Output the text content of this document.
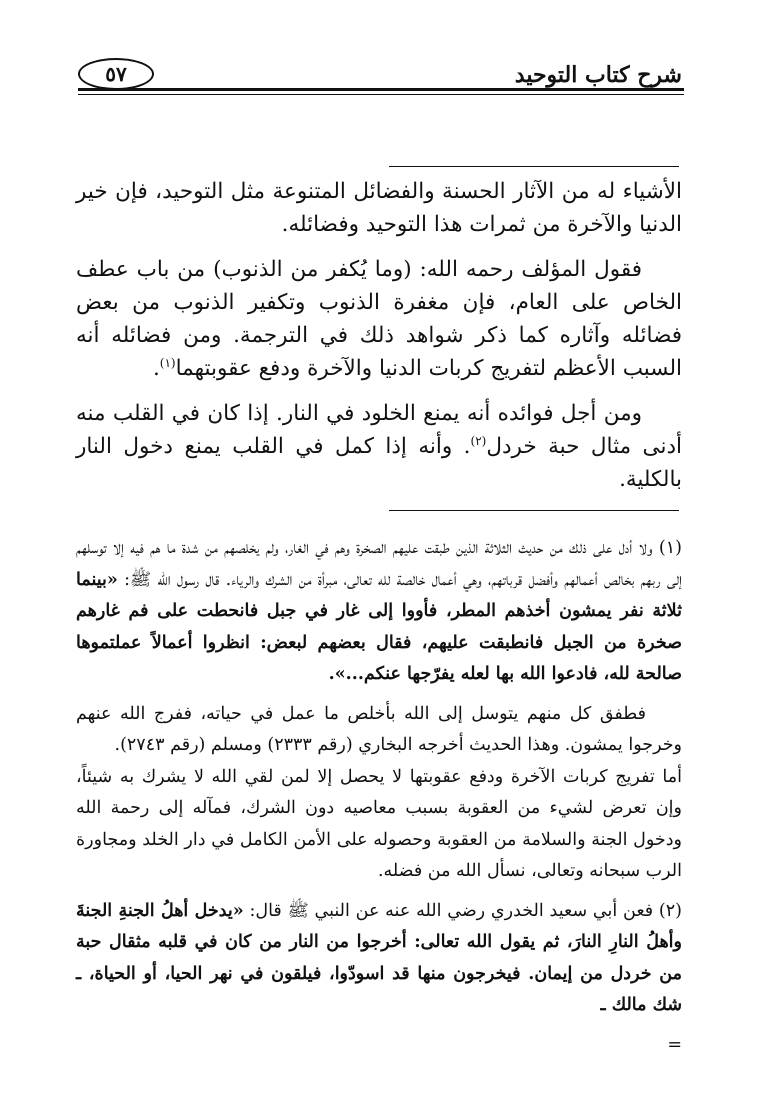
شرح كتاب التوحيد
٥٧

الأشياء له من الآثار الحسنة والفضائل المتنوعة مثل التوحيد، فإن خير الدنيا والآخرة من ثمرات هذا التوحيد وفضائله.

فقول المؤلف رحمه الله: (وما يُكفر من الذنوب) من باب عطف الخاص على العام، فإن مغفرة الذنوب وتكفير الذنوب من بعض فضائله وآثاره كما ذكر شواهد ذلك في الترجمة. ومن فضائله أنه السبب الأعظم لتفريج كربات الدنيا والآخرة ودفع عقوبتهما$^{(١)}$.

ومن أجل فوائده أنه يمنع الخلود في النار. إذا كان في القلب منه أدنى مثال حبة خردل$^{(٢)}$. وأنه إذا كمل في القلب يمنع دخول النار بالكلية.

(١) ولا أدل على ذلك من حديث الثلاثة الذين طبقت عليهم الصخرة وهم في الغار، ولم يخلصهم من شدة ما هم فيه إلا توسلهم إلى ربهم بخالص أعمالهم وأفضل قرباتهم، وهي أعمال خالصة لله تعالى، مبرأة من الشرك والرياء. قال رسول الله ﷺ: «بينما ثلاثة نفر يمشون أخذهم المطر، فأووا إلى غار في جبل فانحطت على فم غارهم صخرة من الجبل فانطبقت عليهم، فقال بعضهم لبعض: انظروا أعمالاً عملتموها صالحة لله، فادعوا الله بها لعله يفرّجها عنكم...».

فطفق كل منهم يتوسل إلى الله بأخلص ما عمل في حياته، ففرج الله عنهم وخرجوا يمشون. وهذا الحديث أخرجه البخاري (رقم ٢٣٣٣) ومسلم (رقم ٢٧٤٣).

أما تفريج كربات الآخرة ودفع عقوبتها لا يحصل إلا لمن لقي الله لا يشرك به شيئاً، وإن تعرض لشيء من العقوبة بسبب معاصيه دون الشرك، فمآله إلى رحمة الله ودخول الجنة والسلامة من العقوبة وحصوله على الأمن الكامل في دار الخلد ومجاورة الرب سبحانه وتعالى، نسأل الله من فضله.

(٢) فعن أبي سعيد الخدري رضي الله عنه عن النبي ﷺ قال: «يدخل أهلُ الجنةِ الجنةَ وأهلُ النارِ النارَ، ثم يقول الله تعالى: أخرجوا من النار من كان في قلبه مثقال حبة من خردل من إيمان. فيخرجون منها قد اسودّوا، فيلقون في نهر الحيا، أو الحياة، ـ شك مالك ـ

=
